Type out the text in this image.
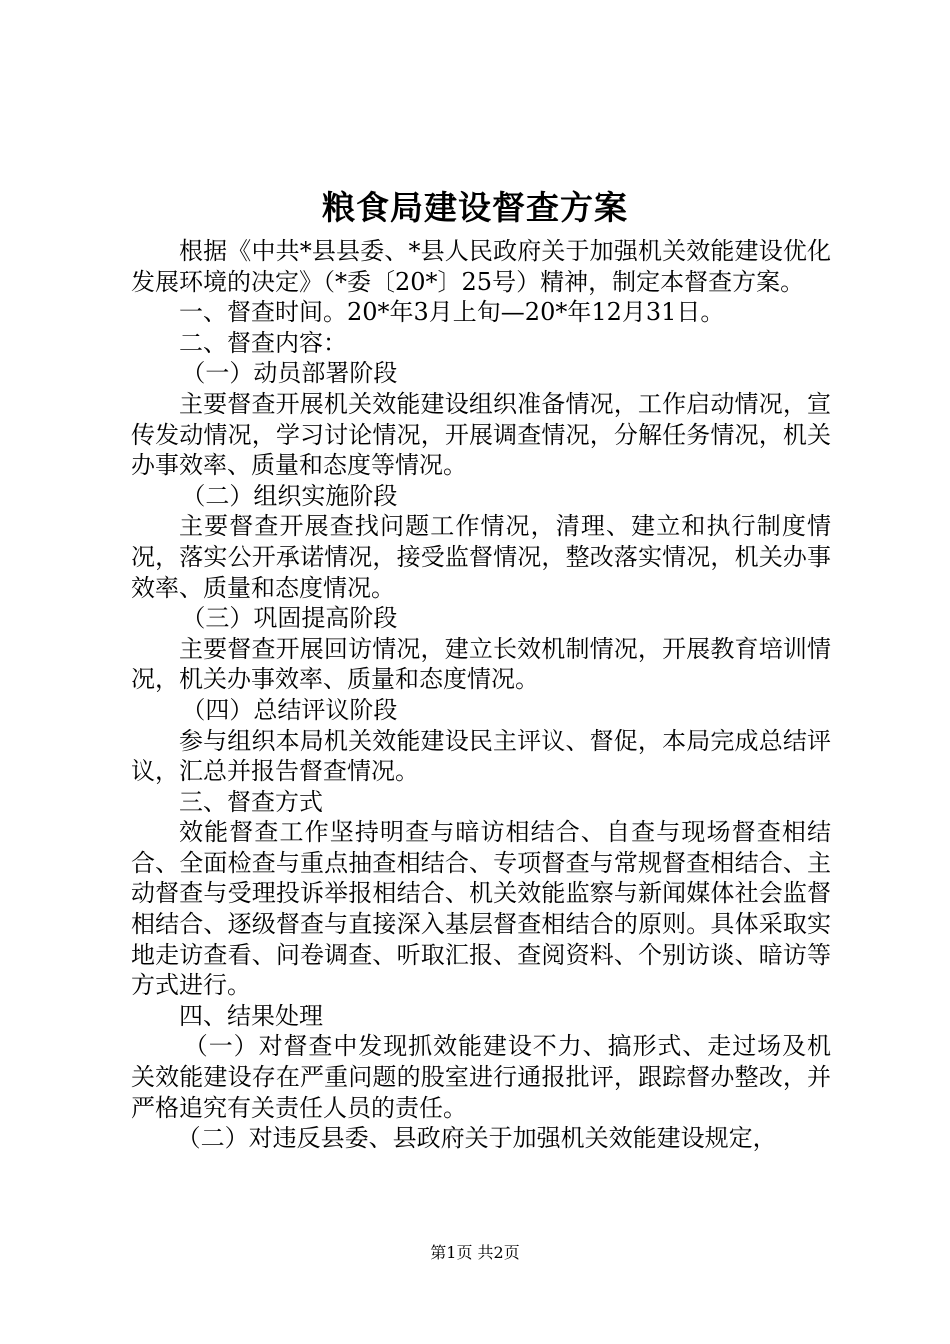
粮食局建设督查方案

根据《中共*县县委、*县人民政府关于加强机关效能建设优化发展环境的决定》（*委〔20*〕25号）精神，制定本督查方案。

一、督查时间。20*年3月上旬—20*年12月31日。

二、督查内容：

（一）动员部署阶段

主要督查开展机关效能建设组织准备情况，工作启动情况，宣传发动情况，学习讨论情况，开展调查情况，分解任务情况，机关办事效率、质量和态度等情况。

（二）组织实施阶段

主要督查开展查找问题工作情况，清理、建立和执行制度情况，落实公开承诺情况，接受监督情况，整改落实情况，机关办事效率、质量和态度情况。

（三）巩固提高阶段

主要督查开展回访情况，建立长效机制情况，开展教育培训情况，机关办事效率、质量和态度情况。

（四）总结评议阶段

参与组织本局机关效能建设民主评议、督促，本局完成总结评议，汇总并报告督查情况。

三、督查方式

效能督查工作坚持明查与暗访相结合、自查与现场督查相结合、全面检查与重点抽查相结合、专项督查与常规督查相结合、主动督查与受理投诉举报相结合、机关效能监察与新闻媒体社会监督相结合、逐级督查与直接深入基层督查相结合的原则。具体采取实地走访查看、问卷调查、听取汇报、查阅资料、个别访谈、暗访等方式进行。

四、结果处理

（一）对督查中发现抓效能建设不力、搞形式、走过场及机关效能建设存在严重问题的股室进行通报批评，跟踪督办整改，并严格追究有关责任人员的责任。

（二）对违反县委、县政府关于加强机关效能建设规定，

第1页 共2页
